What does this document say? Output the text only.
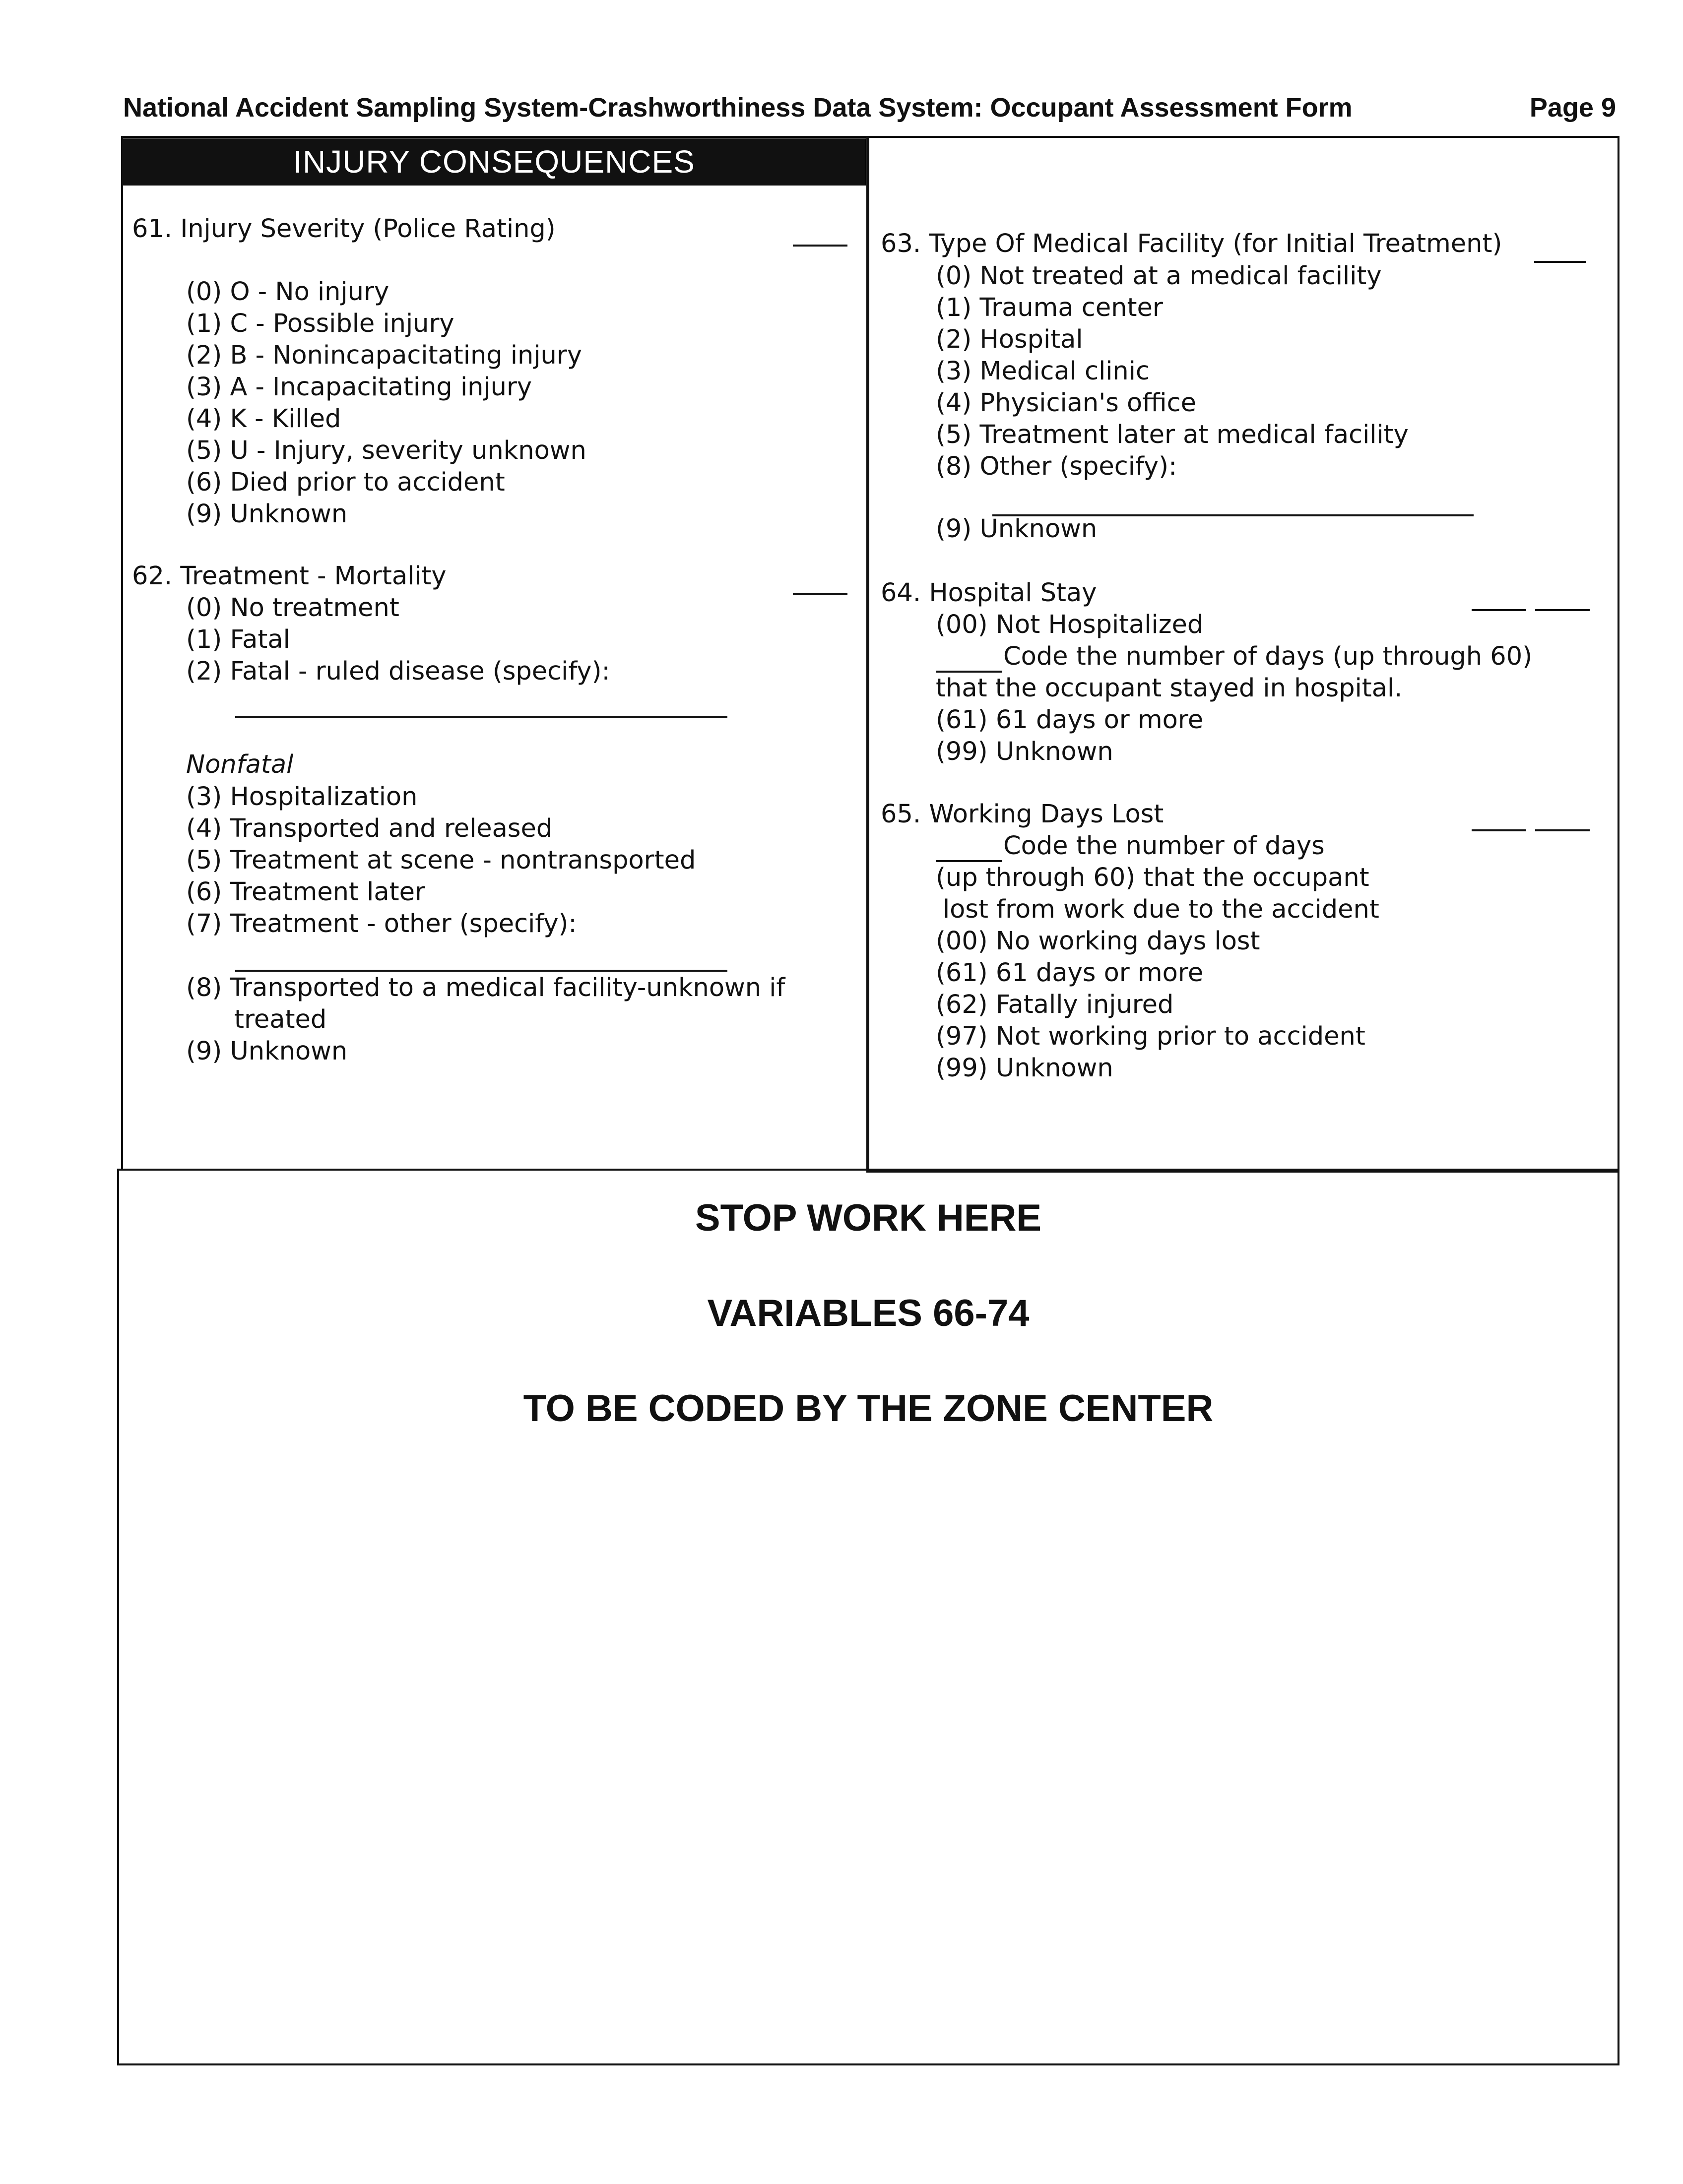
National Accident Sampling System-Crashworthiness Data System: Occupant Assessment Form	Page 9
INJURY CONSEQUENCES
61. Injury Severity (Police Rating)
(0) O - No injury
(1) C - Possible injury
(2) B - Nonincapacitating injury
(3) A - Incapacitating injury
(4) K - Killed
(5) U - Injury, severity unknown
(6) Died prior to accident
(9) Unknown
62. Treatment - Mortality
(0) No treatment
(1) Fatal
(2) Fatal - ruled disease (specify):
Nonfatal
(3) Hospitalization
(4) Transported and released
(5) Treatment at scene - nontransported
(6) Treatment later
(7) Treatment - other (specify):
(8) Transported to a medical facility-unknown if
treated
(9) Unknown
63. Type Of Medical Facility (for Initial Treatment)
(0) Not treated at a medical facility
(1) Trauma center
(2) Hospital
(3) Medical clinic
(4) Physician's office
(5) Treatment later at medical facility
(8) Other (specify):
(9) Unknown
64. Hospital Stay
(00) Not Hospitalized
Code the number of days (up through 60)
that the occupant stayed in hospital.
(61) 61 days or more
(99) Unknown
65. Working Days Lost
Code the number of days
(up through 60) that the occupant
lost from work due to the accident
(00) No working days lost
(61) 61 days or more
(62) Fatally injured
(97) Not working prior to accident
(99) Unknown
STOP WORK HERE
VARIABLES 66-74
TO BE CODED BY THE ZONE CENTER
